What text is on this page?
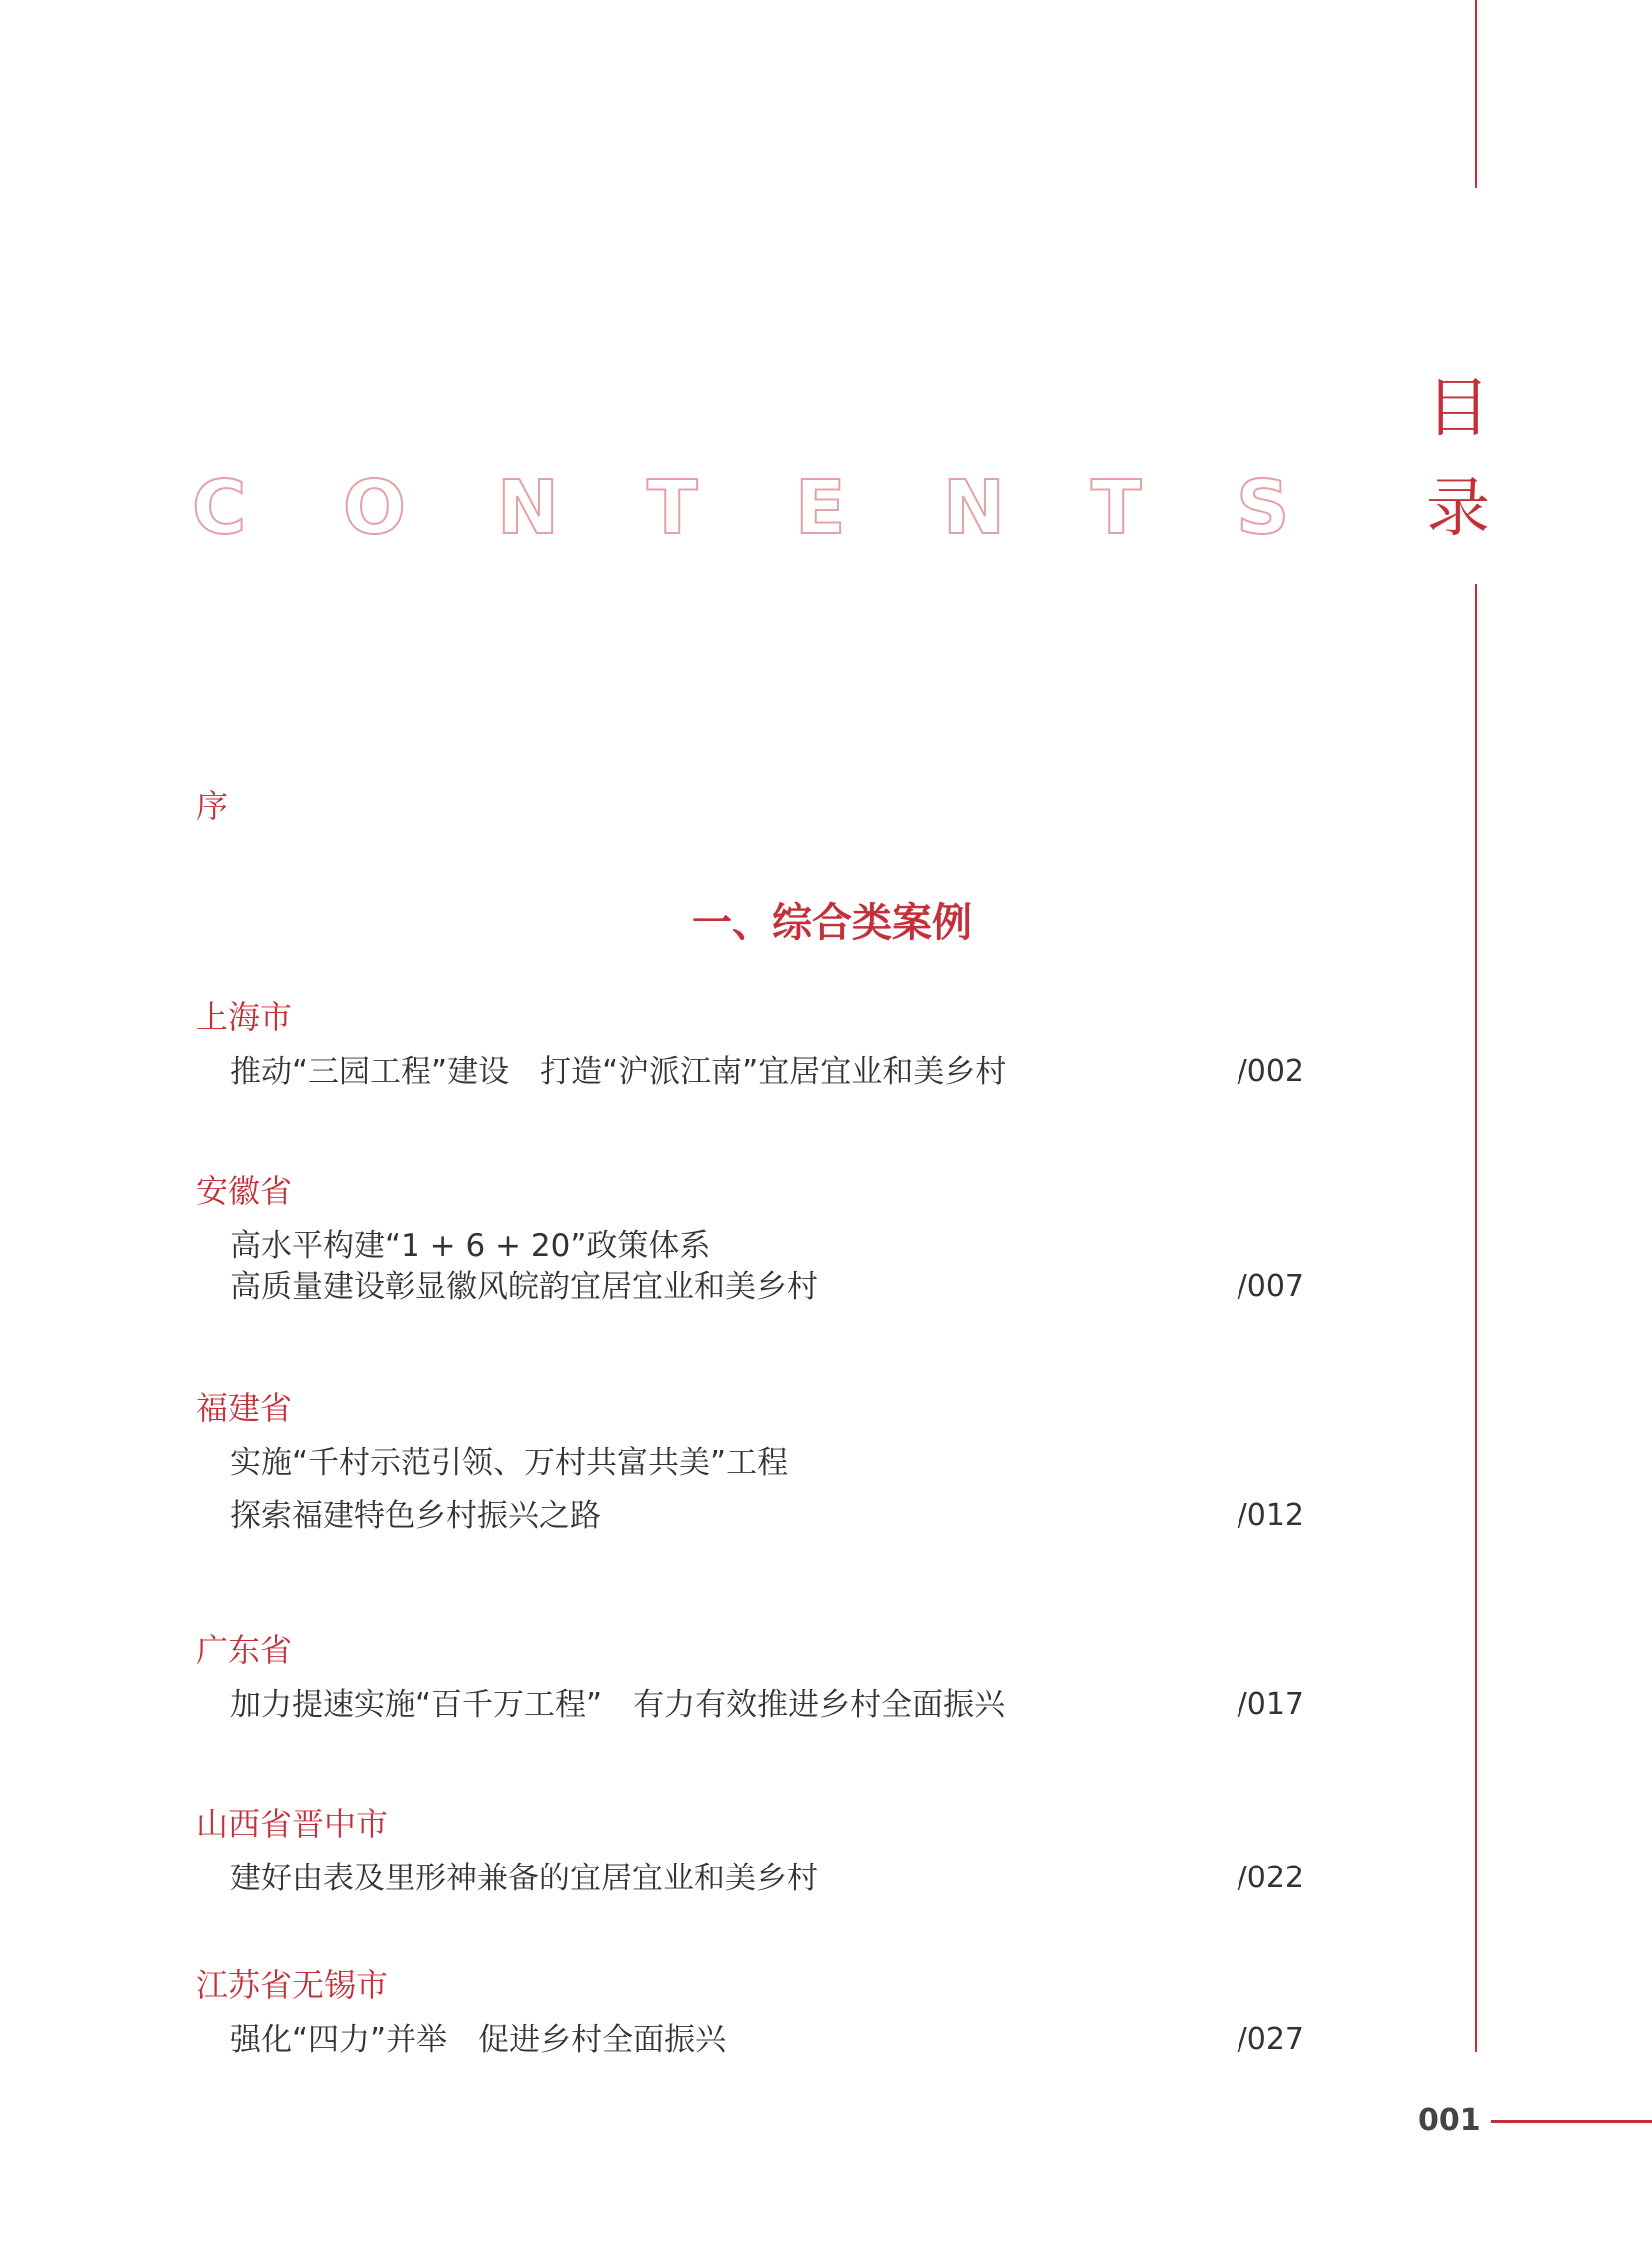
目
录
C O N T E N T S
序
一、综合类案例
上海市
推动“三园工程”建设　打造“沪派江南”宜居宜业和美乡村	/002
安徽省
高水平构建“1 + 6 + 20”政策体系
高质量建设彰显徽风皖韵宜居宜业和美乡村	/007
福建省
实施“千村示范引领、万村共富共美”工程
探索福建特色乡村振兴之路	/012
广东省
加力提速实施“百千万工程”　有力有效推进乡村全面振兴	/017
山西省晋中市
建好由表及里形神兼备的宜居宜业和美乡村	/022
江苏省无锡市
强化“四力”并举　促进乡村全面振兴	/027
001
